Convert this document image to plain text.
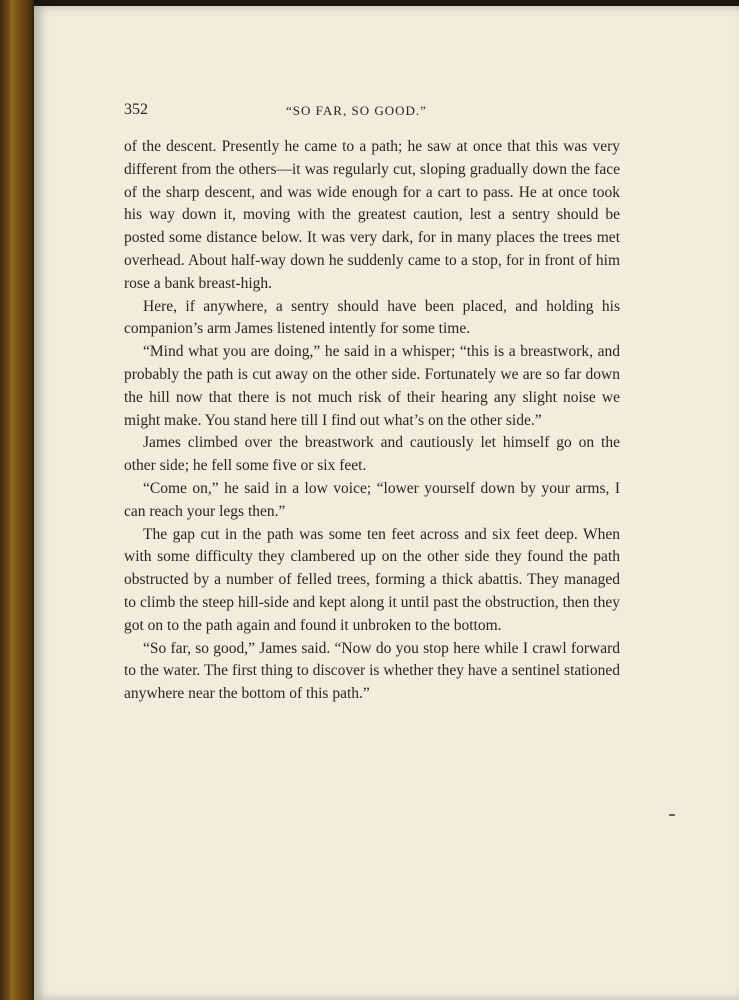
352	“SO FAR, SO GOOD.”

of the descent. Presently he came to a path; he saw at once that this was very different from the others—it was regularly cut, sloping gradually down the face of the sharp descent, and was wide enough for a cart to pass. He at once took his way down it, moving with the greatest caution, lest a sentry should be posted some distance below. It was very dark, for in many places the trees met overhead. About half-way down he suddenly came to a stop, for in front of him rose a bank breast-high.

Here, if anywhere, a sentry should have been placed, and holding his companion’s arm James listened intently for some time.

“Mind what you are doing,” he said in a whisper; “this is a breastwork, and probably the path is cut away on the other side. Fortunately we are so far down the hill now that there is not much risk of their hearing any slight noise we might make. You stand here till I find out what’s on the other side.”

James climbed over the breastwork and cautiously let himself go on the other side; he fell some five or six feet.

“Come on,” he said in a low voice; “lower yourself down by your arms, I can reach your legs then.”

The gap cut in the path was some ten feet across and six feet deep. When with some difficulty they clambered up on the other side they found the path obstructed by a number of felled trees, forming a thick abattis. They managed to climb the steep hill-side and kept along it until past the obstruction, then they got on to the path again and found it unbroken to the bottom.

“So far, so good,” James said. “Now do you stop here while I crawl forward to the water. The first thing to discover is whether they have a sentinel stationed anywhere near the bottom of this path.”
